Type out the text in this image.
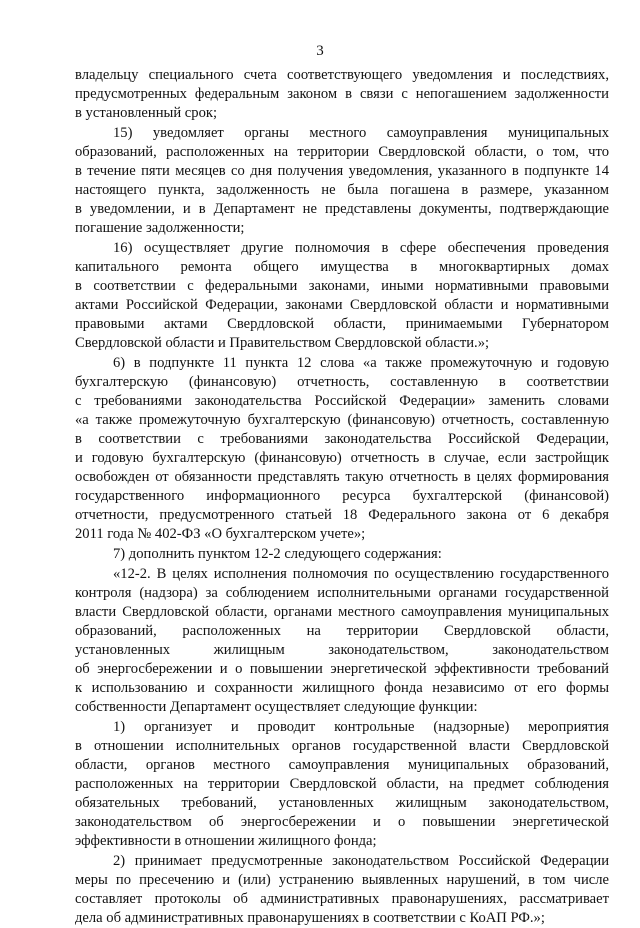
3
владельцу специального счета соответствующего уведомления и последствиях,
предусмотренных федеральным законом в связи с непогашением задолженности
в установленный срок;
15) уведомляет органы местного самоуправления муниципальных
образований, расположенных на территории Свердловской области, о том, что
в течение пяти месяцев со дня получения уведомления, указанного в подпункте 14
настоящего пункта, задолженность не была погашена в размере, указанном
в уведомлении, и в Департамент не представлены документы, подтверждающие
погашение задолженности;
16) осуществляет другие полномочия в сфере обеспечения проведения
капитального ремонта общего имущества в многоквартирных домах
в соответствии с федеральными законами, иными нормативными правовыми
актами Российской Федерации, законами Свердловской области и нормативными
правовыми актами Свердловской области, принимаемыми Губернатором
Свердловской области и Правительством Свердловской области.»;
6) в подпункте 11 пункта 12 слова «а также промежуточную и годовую
бухгалтерскую (финансовую) отчетность, составленную в соответствии
с требованиями законодательства Российской Федерации» заменить словами
«а также промежуточную бухгалтерскую (финансовую) отчетность, составленную
в соответствии с требованиями законодательства Российской Федерации,
и годовую бухгалтерскую (финансовую) отчетность в случае, если застройщик
освобожден от обязанности представлять такую отчетность в целях формирования
государственного информационного ресурса бухгалтерской (финансовой)
отчетности, предусмотренного статьей 18 Федерального закона от 6 декабря
2011 года № 402-ФЗ «О бухгалтерском учете»;
7) дополнить пунктом 12-2 следующего содержания:
«12-2. В целях исполнения полномочия по осуществлению государственного
контроля (надзора) за соблюдением исполнительными органами государственной
власти Свердловской области, органами местного самоуправления муниципальных
образований, расположенных на территории Свердловской области,
установленных жилищным законодательством, законодательством
об энергосбережении и о повышении энергетической эффективности требований
к использованию и сохранности жилищного фонда независимо от его формы
собственности Департамент осуществляет следующие функции:
1) организует и проводит контрольные (надзорные) мероприятия
в отношении исполнительных органов государственной власти Свердловской
области, органов местного самоуправления муниципальных образований,
расположенных на территории Свердловской области, на предмет соблюдения
обязательных требований, установленных жилищным законодательством,
законодательством об энергосбережении и о повышении энергетической
эффективности в отношении жилищного фонда;
2) принимает предусмотренные законодательством Российской Федерации
меры по пресечению и (или) устранению выявленных нарушений, в том числе
составляет протоколы об административных правонарушениях, рассматривает
дела об административных правонарушениях в соответствии с КоАП РФ.»;
